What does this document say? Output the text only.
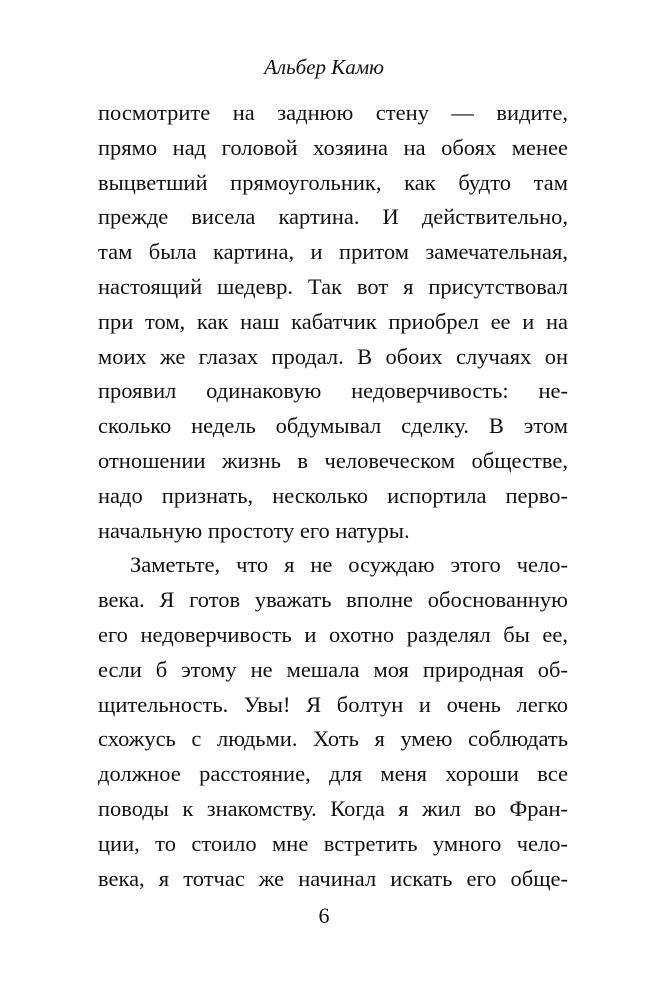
Альбер Камю
посмотрите на заднюю стену — видите,
прямо над головой хозяина на обоях менее
выцветший прямоугольник, как будто там
прежде висела картина. И действительно,
там была картина, и притом замечательная,
настоящий шедевр. Так вот я присутствовал
при том, как наш кабатчик приобрел ее и на
моих же глазах продал. В обоих случаях он
проявил одинаковую недоверчивость: не-
сколько недель обдумывал сделку. В этом
отношении жизнь в человеческом обществе,
надо признать, несколько испортила перво-
начальную простоту его натуры.
Заметьте, что я не осуждаю этого чело-
века. Я готов уважать вполне обоснованную
его недоверчивость и охотно разделял бы ее,
если б этому не мешала моя природная об-
щительность. Увы! Я болтун и очень легко
схожусь с людьми. Хоть я умею соблюдать
должное расстояние, для меня хороши все
поводы к знакомству. Когда я жил во Фран-
ции, то стоило мне встретить умного чело-
века, я тотчас же начинал искать его обще-
6
